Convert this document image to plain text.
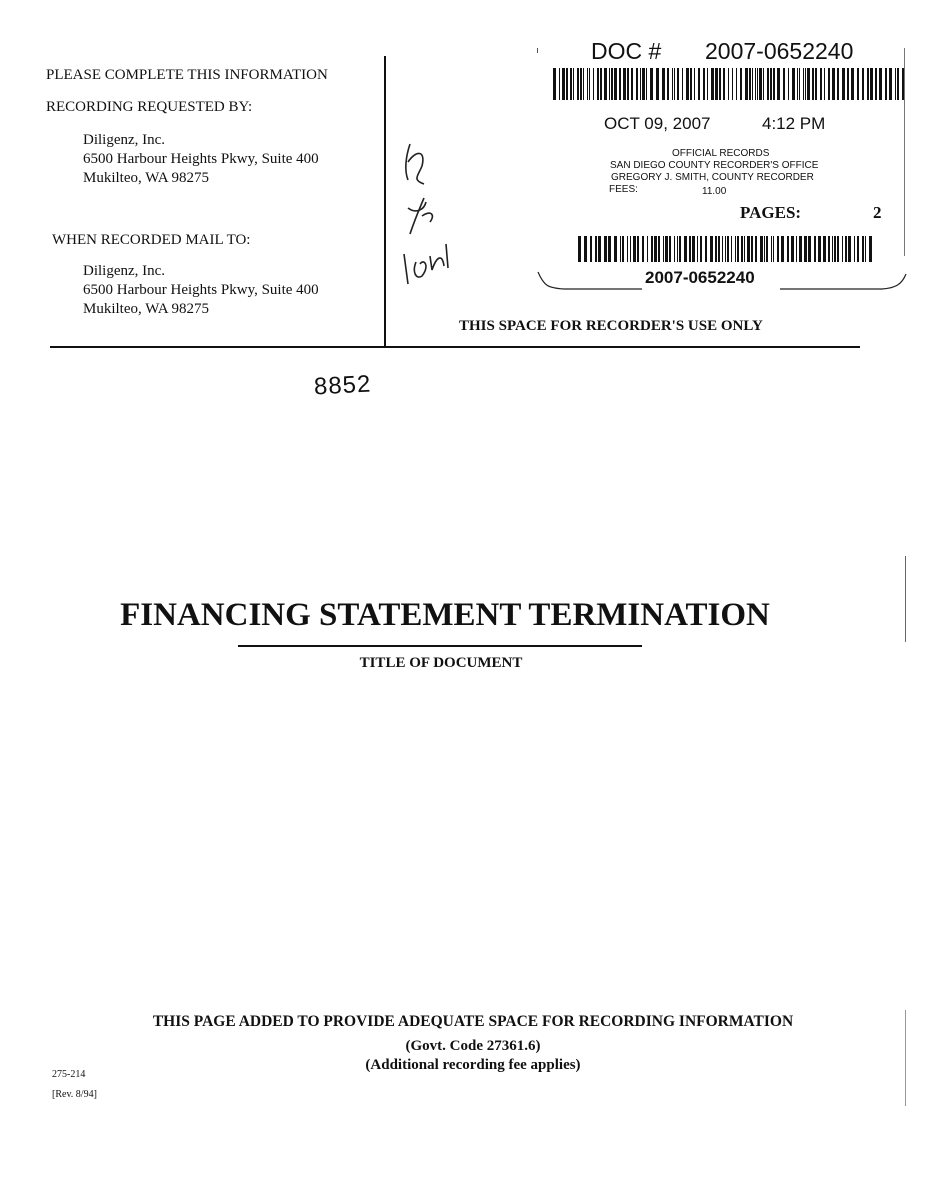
PLEASE COMPLETE THIS INFORMATION
RECORDING REQUESTED BY:
Diligenz, Inc.
6500 Harbour Heights Pkwy, Suite 400
Mukilteo, WA 98275
WHEN RECORDED MAIL TO:
Diligenz, Inc.
6500 Harbour Heights Pkwy, Suite 400
Mukilteo, WA 98275
DOC # 2007-0652240
OCT 09, 2007	4:12 PM
OFFICIAL RECORDS
SAN DIEGO COUNTY RECORDER'S OFFICE
GREGORY J. SMITH, COUNTY RECORDER
FEES:	11.00
PAGES:	2
2007-0652240
THIS SPACE FOR RECORDER'S USE ONLY
8852
FINANCING STATEMENT TERMINATION
TITLE OF DOCUMENT
THIS PAGE ADDED TO PROVIDE ADEQUATE SPACE FOR RECORDING INFORMATION
(Govt. Code 27361.6)
(Additional recording fee applies)
275-214
[Rev. 8/94]
